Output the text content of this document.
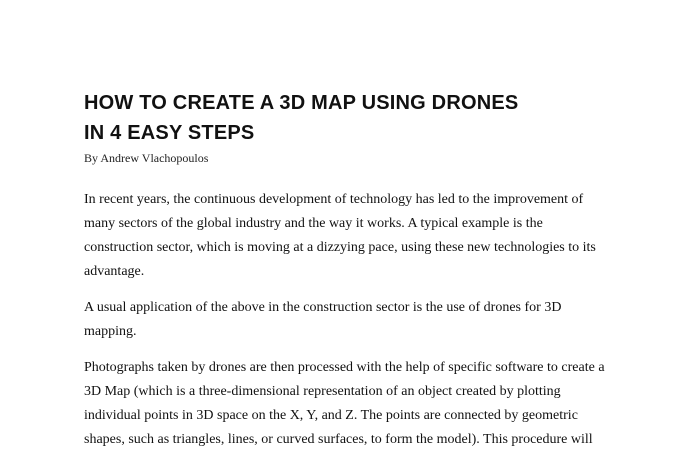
HOW TO CREATE A 3D MAP USING DRONES
IN 4 EASY STEPS

By Andrew Vlachopoulos

In recent years, the continuous development of technology has led to the improvement of
many sectors of the global industry and the way it works. A typical example is the
construction sector, which is moving at a dizzying pace, using these new technologies to its
advantage.

A usual application of the above in the construction sector is the use of drones for 3D
mapping.

Photographs taken by drones are then processed with the help of specific software to create a
3D Map (which is a three-dimensional representation of an object created by plotting
individual points in 3D space on the X, Y, and Z. The points are connected by geometric
shapes, such as triangles, lines, or curved surfaces, to form the model). This procedure will
